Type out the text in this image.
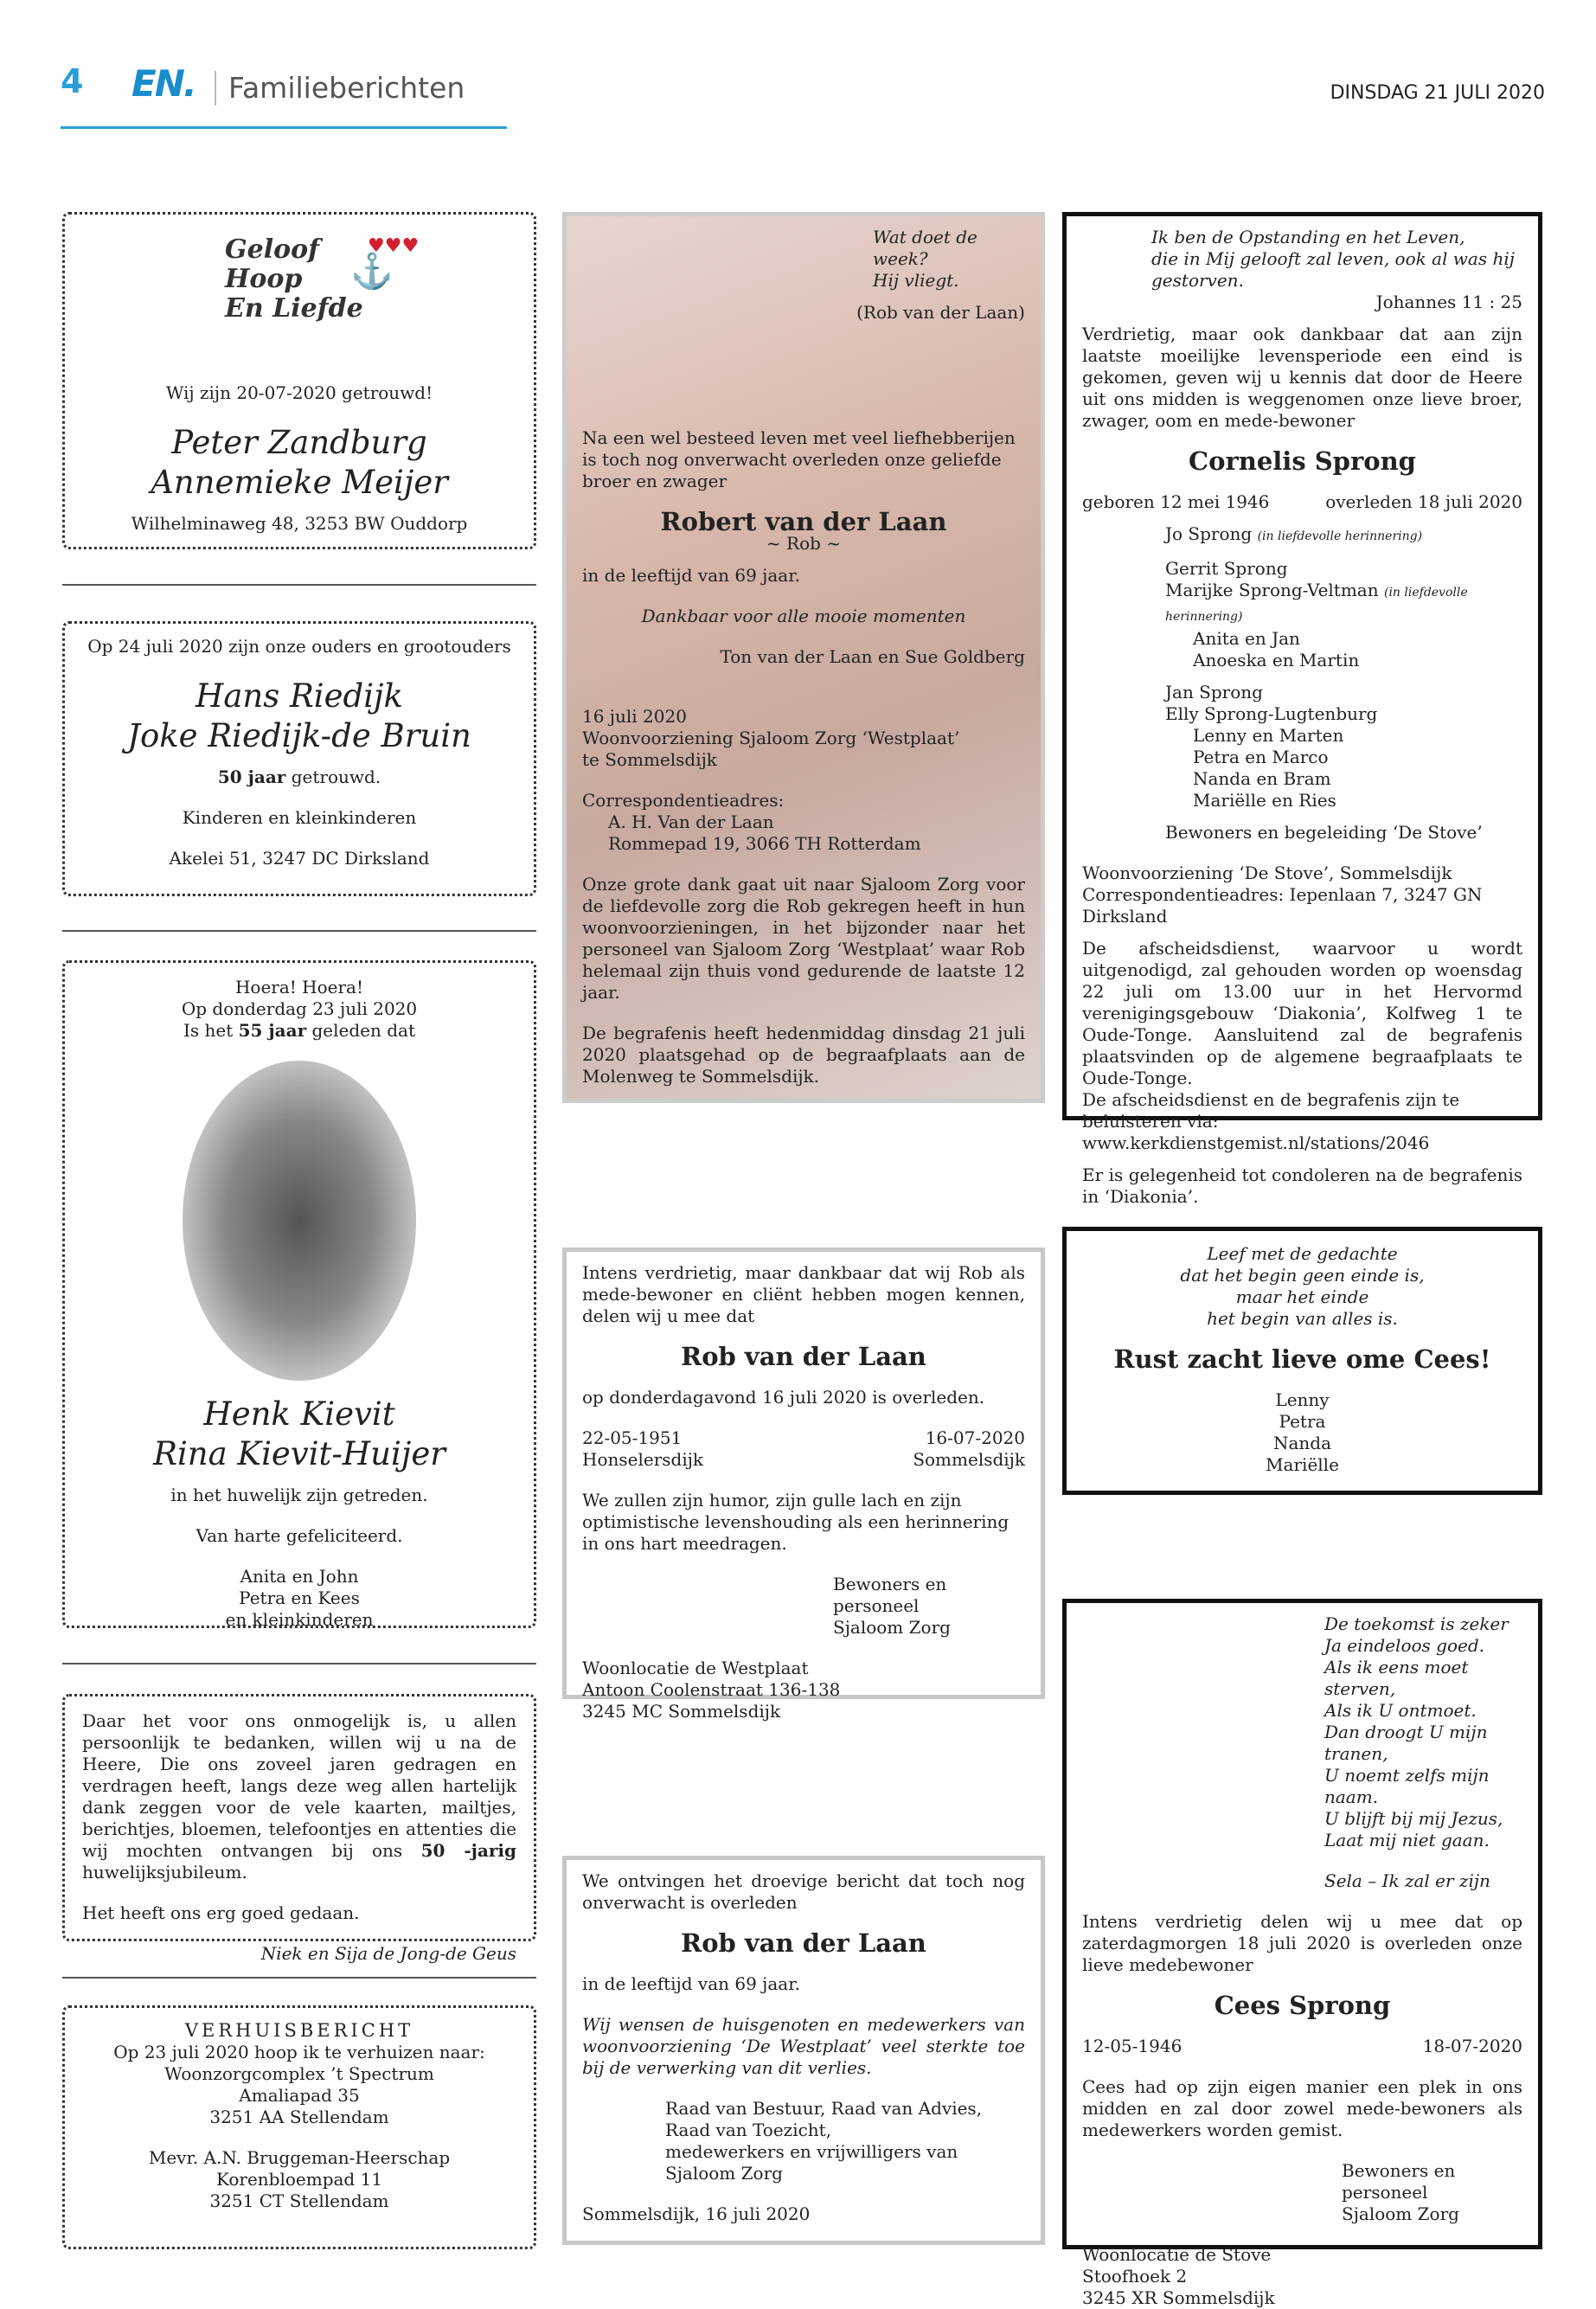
4 EN. Familieberichten	DINSDAG 21 JULI 2020
Geloof
Hoop
En Liefde
⚓
♥♥♥

Wij zijn 20-07-2020 getrouwd!

Peter Zandburg

Annemieke Meijer

Wilhelminaweg 48, 3253 BW Ouddorp

Op 24 juli 2020 zijn onze ouders en grootouders

Hans Riedijk

Joke Riedijk-de Bruin

50 jaar getrouwd.

Kinderen en kleinkinderen

Akelei 51, 3247 DC Dirksland

Hoera! Hoera!

Op donderdag 23 juli 2020

Is het 55 jaar geleden dat

Henk Kievit

Rina Kievit-Huijer

in het huwelijk zijn getreden.

Van harte gefeliciteerd.

Anita en John

Petra en Kees

en kleinkinderen

Daar het voor ons onmogelijk is, u allen persoonlijk te bedanken, willen wij u na de Heere, Die ons zoveel jaren gedragen en verdragen heeft, langs deze weg allen hartelijk dank zeggen voor de vele kaarten, mailtjes, berichtjes, bloemen, telefoontjes en attenties die wij mochten ontvangen bij ons 50 -jarig huwelijksjubileum.

Het heeft ons erg goed gedaan.

Niek en Sija de Jong-de Geus

VERHUISBERICHT

Op 23 juli 2020 hoop ik te verhuizen naar:

Woonzorgcomplex ’t Spectrum

Amaliapad 35

3251 AA Stellendam

Mevr. A.N. Bruggeman-Heerschap

Korenbloempad 11

3251 CT Stellendam

Wat doet de week?

Hij vliegt.

(Rob van der Laan)

Na een wel besteed leven met veel liefhebberijen is toch nog onverwacht overleden onze geliefde broer en zwager

Robert van der Laan

~ Rob ~

in de leeftijd van 69 jaar.

Dankbaar voor alle mooie momenten

Ton van der Laan en Sue Goldberg

16 juli 2020

Woonvoorziening Sjaloom Zorg ‘Westplaat’

te Sommelsdijk

Correspondentieadres:

A. H. Van der Laan

Rommepad 19, 3066 TH Rotterdam

Onze grote dank gaat uit naar Sjaloom Zorg voor de liefdevolle zorg die Rob gekregen heeft in hun woonvoorzieningen, in het bijzonder naar het personeel van Sjaloom Zorg ‘Westplaat’ waar Rob helemaal zijn thuis vond gedurende de laatste 12 jaar.

De begrafenis heeft hedenmiddag dinsdag 21 juli 2020 plaatsgehad op de begraafplaats aan de Molenweg te Sommelsdijk.

Intens verdrietig, maar dankbaar dat wij Rob als mede-bewoner en cliënt hebben mogen kennen, delen wij u mee dat

Rob van der Laan

op donderdagavond 16 juli 2020 is overleden.

22-05-1951	16-07-2020
Honselersdijk	Sommelsdijk

We zullen zijn humor, zijn gulle lach en zijn optimistische levenshouding als een herinnering in ons hart meedragen.

Bewoners en personeel

Sjaloom Zorg

Woonlocatie de Westplaat

Antoon Coolenstraat 136-138

3245 MC Sommelsdijk

We ontvingen het droevige bericht dat toch nog onverwacht is overleden

Rob van der Laan

in de leeftijd van 69 jaar.

Wij wensen de huisgenoten en medewerkers van woonvoorziening ‘De Westplaat’ veel sterkte toe bij de verwerking van dit verlies.

Raad van Bestuur, Raad van Advies,

Raad van Toezicht,

medewerkers en vrijwilligers van Sjaloom Zorg

Sommelsdijk, 16 juli 2020

Ik ben de Opstanding en het Leven,

die in Mij gelooft zal leven, ook al was hij gestorven.

Johannes 11 : 25

Verdrietig, maar ook dankbaar dat aan zijn laatste moeilijke levensperiode een eind is gekomen, geven wij u kennis dat door de Heere uit ons midden is weggenomen onze lieve broer, zwager, oom en mede-bewoner

Cornelis Sprong

geboren 12 mei 1946	overleden 18 juli 2020

Jo Sprong (in liefdevolle herinnering)

Gerrit Sprong

Marijke Sprong-Veltman (in liefdevolle herinnering)

Anita en Jan

Anoeska en Martin

Jan Sprong

Elly Sprong-Lugtenburg

Lenny en Marten

Petra en Marco

Nanda en Bram

Mariëlle en Ries

Bewoners en begeleiding ‘De Stove’

Woonvoorziening ‘De Stove’, Sommelsdijk

Correspondentieadres: Iepenlaan 7, 3247 GN Dirksland

De afscheidsdienst, waarvoor u wordt uitgenodigd, zal gehouden worden op woensdag 22 juli om 13.00 uur in het Hervormd verenigingsgebouw ‘Diakonia’, Kolfweg 1 te Oude-Tonge. Aansluitend zal de begrafenis plaatsvinden op de algemene begraafplaats te Oude-Tonge.

De afscheidsdienst en de begrafenis zijn te beluisteren via:

www.kerkdienstgemist.nl/stations/2046

Er is gelegenheid tot condoleren na de begrafenis in ‘Diakonia’.

Leef met de gedachte

dat het begin geen einde is,

maar het einde

het begin van alles is.

Rust zacht lieve ome Cees!

Lenny

Petra

Nanda

Mariëlle

De toekomst is zeker

Ja eindeloos goed.

Als ik eens moet sterven,

Als ik U ontmoet.

Dan droogt U mijn tranen,

U noemt zelfs mijn naam.

U blijft bij mij Jezus,

Laat mij niet gaan.

Sela – Ik zal er zijn

Intens verdrietig delen wij u mee dat op zaterdagmorgen 18 juli 2020 is overleden onze lieve medebewoner

Cees Sprong

12-05-1946	18-07-2020

Cees had op zijn eigen manier een plek in ons midden en zal door zowel mede-bewoners als medewerkers worden gemist.

Bewoners en personeel

Sjaloom Zorg

Woonlocatie de Stove

Stoofhoek 2

3245 XR Sommelsdijk
